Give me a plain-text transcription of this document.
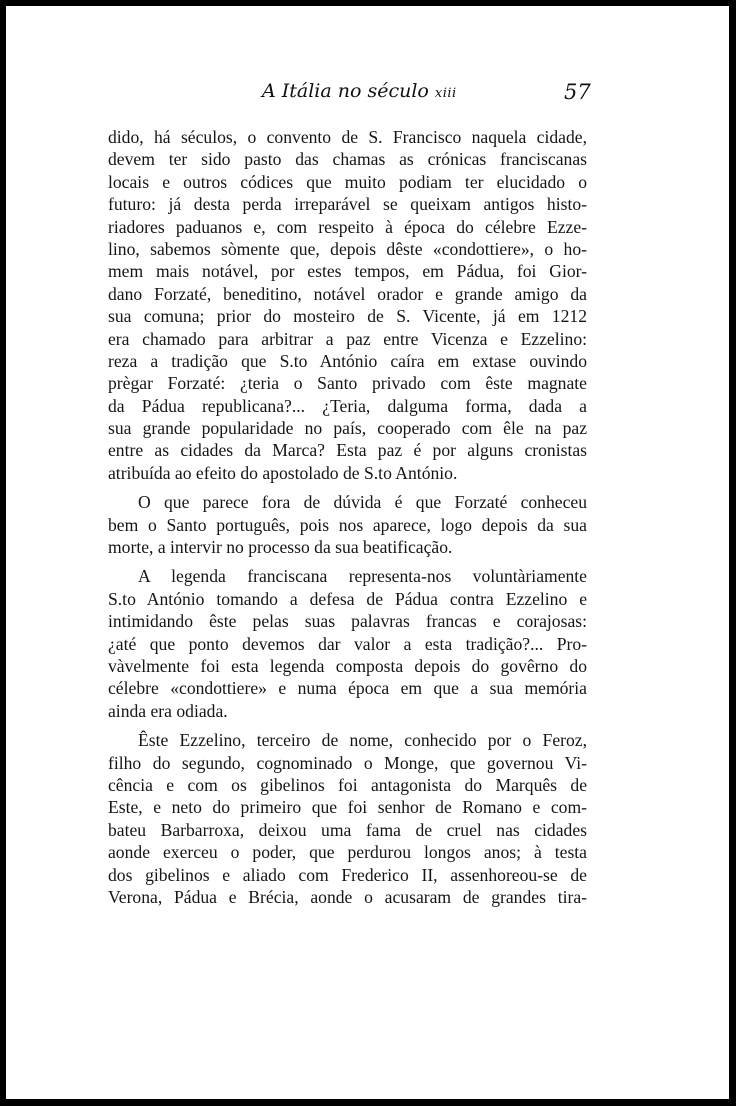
A Itália no século xiii	57
dido, há séculos, o convento de S. Francisco naquela cidade,
devem ter sido pasto das chamas as crónicas franciscanas
locais e outros códices que muito podiam ter elucidado o
futuro: já desta perda irreparável se queixam antigos histo-
riadores paduanos e, com respeito à época do célebre Ezze-
lino, sabemos sòmente que, depois dêste «condottiere», o ho-
mem mais notável, por estes tempos, em Pádua, foi Gior-
dano Forzaté, beneditino, notável orador e grande amigo da
sua comuna; prior do mosteiro de S. Vicente, já em 1212
era chamado para arbitrar a paz entre Vicenza e Ezzelino:
reza a tradição que S.to António caíra em extase ouvindo
prègar Forzaté: ¿teria o Santo privado com êste magnate
da Pádua republicana?... ¿Teria, dalguma forma, dada a
sua grande popularidade no país, cooperado com êle na paz
entre as cidades da Marca? Esta paz é por alguns cronistas
atribuída ao efeito do apostolado de S.to António.
O que parece fora de dúvida é que Forzaté conheceu
bem o Santo português, pois nos aparece, logo depois da sua
morte, a intervir no processo da sua beatificação.
A legenda franciscana representa-nos voluntàriamente
S.to António tomando a defesa de Pádua contra Ezzelino e
intimidando êste pelas suas palavras francas e corajosas:
¿até que ponto devemos dar valor a esta tradição?... Pro-
vàvelmente foi esta legenda composta depois do govêrno do
célebre «condottiere» e numa época em que a sua memória
ainda era odiada.
Êste Ezzelino, terceiro de nome, conhecido por o Feroz,
filho do segundo, cognominado o Monge, que governou Vi-
cência e com os gibelinos foi antagonista do Marquês de
Este, e neto do primeiro que foi senhor de Romano e com-
bateu Barbarroxa, deixou uma fama de cruel nas cidades
aonde exerceu o poder, que perdurou longos anos; à testa
dos gibelinos e aliado com Frederico II, assenhoreou-se de
Verona, Pádua e Brécia, aonde o acusaram de grandes tira-
